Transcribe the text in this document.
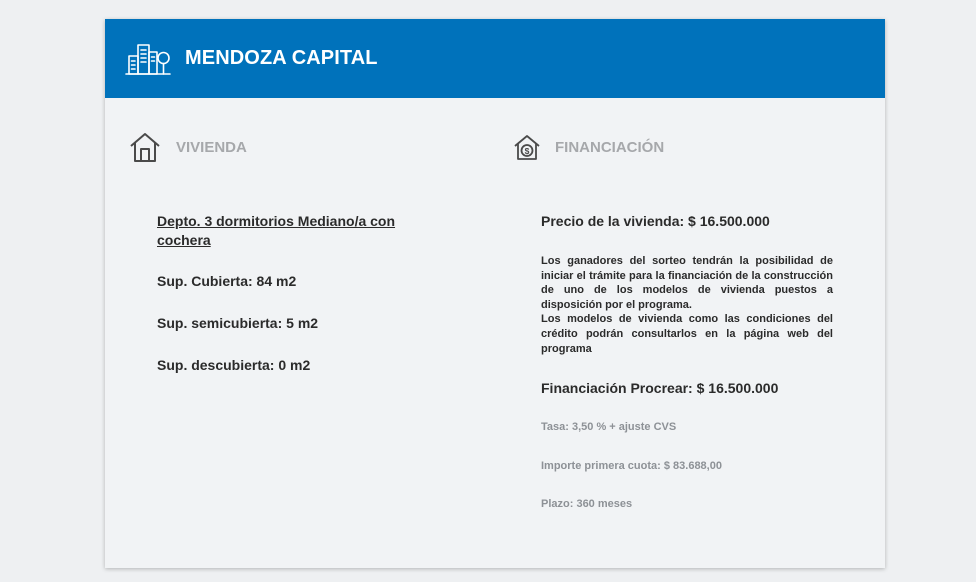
MENDOZA CAPITAL
VIVIENDA	$ FINANCIACIÓN
Depto. 3 dormitorios Mediano/a con cochera
Sup. Cubierta: 84 m2
Sup. semicubierta: 5 m2
Sup. descubierta: 0 m2
Precio de la vivienda: $ 16.500.000

Los ganadores del sorteo tendrán la posibilidad de iniciar el trámite para la financiación de la construcción de uno de los modelos de vivienda puestos a disposición por el programa.

Los modelos de vivienda como las condiciones del crédito podrán consultarlos en la página web del programa

Financiación Procrear: $ 16.500.000
Tasa: 3,50 % + ajuste CVS
Importe primera cuota: $ 83.688,00
Plazo: 360 meses
